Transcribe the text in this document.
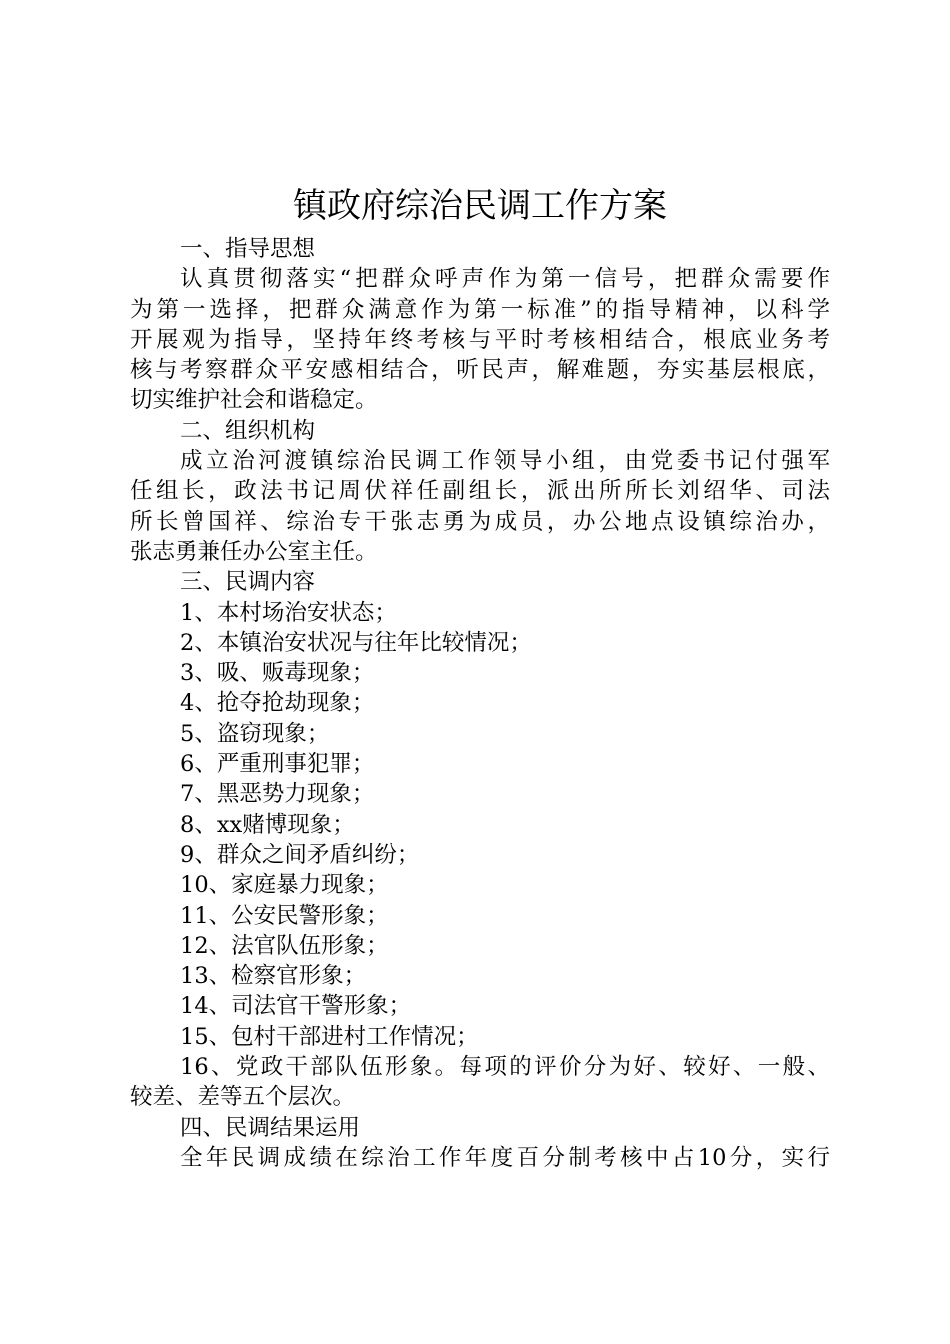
镇政府综治民调工作方案

一、指导思想

认真贯彻落实“把群众呼声作为第一信号，把群众需要作

为第一选择，把群众满意作为第一标准”的指导精神，以科学

开展观为指导，坚持年终考核与平时考核相结合，根底业务考

核与考察群众平安感相结合，听民声，解难题，夯实基层根底，

切实维护社会和谐稳定。

二、组织机构

成立治河渡镇综治民调工作领导小组，由党委书记付强军

任组长，政法书记周伏祥任副组长，派出所所长刘绍华、司法

所长曾国祥、综治专干张志勇为成员，办公地点设镇综治办，

张志勇兼任办公室主任。

三、民调内容

1、本村场治安状态；

2、本镇治安状况与往年比较情况；

3、吸、贩毒现象；

4、抢夺抢劫现象；

5、盗窃现象；

6、严重刑事犯罪；

7、黑恶势力现象；

8、xx赌博现象；

9、群众之间矛盾纠纷；

10、家庭暴力现象；

11、公安民警形象；

12、法官队伍形象；

13、检察官形象；

14、司法官干警形象；

15、包村干部进村工作情况；

16、党政干部队伍形象。每项的评价分为好、较好、一般、

较差、差等五个层次。

四、民调结果运用

全年民调成绩在综治工作年度百分制考核中占10分，实行
